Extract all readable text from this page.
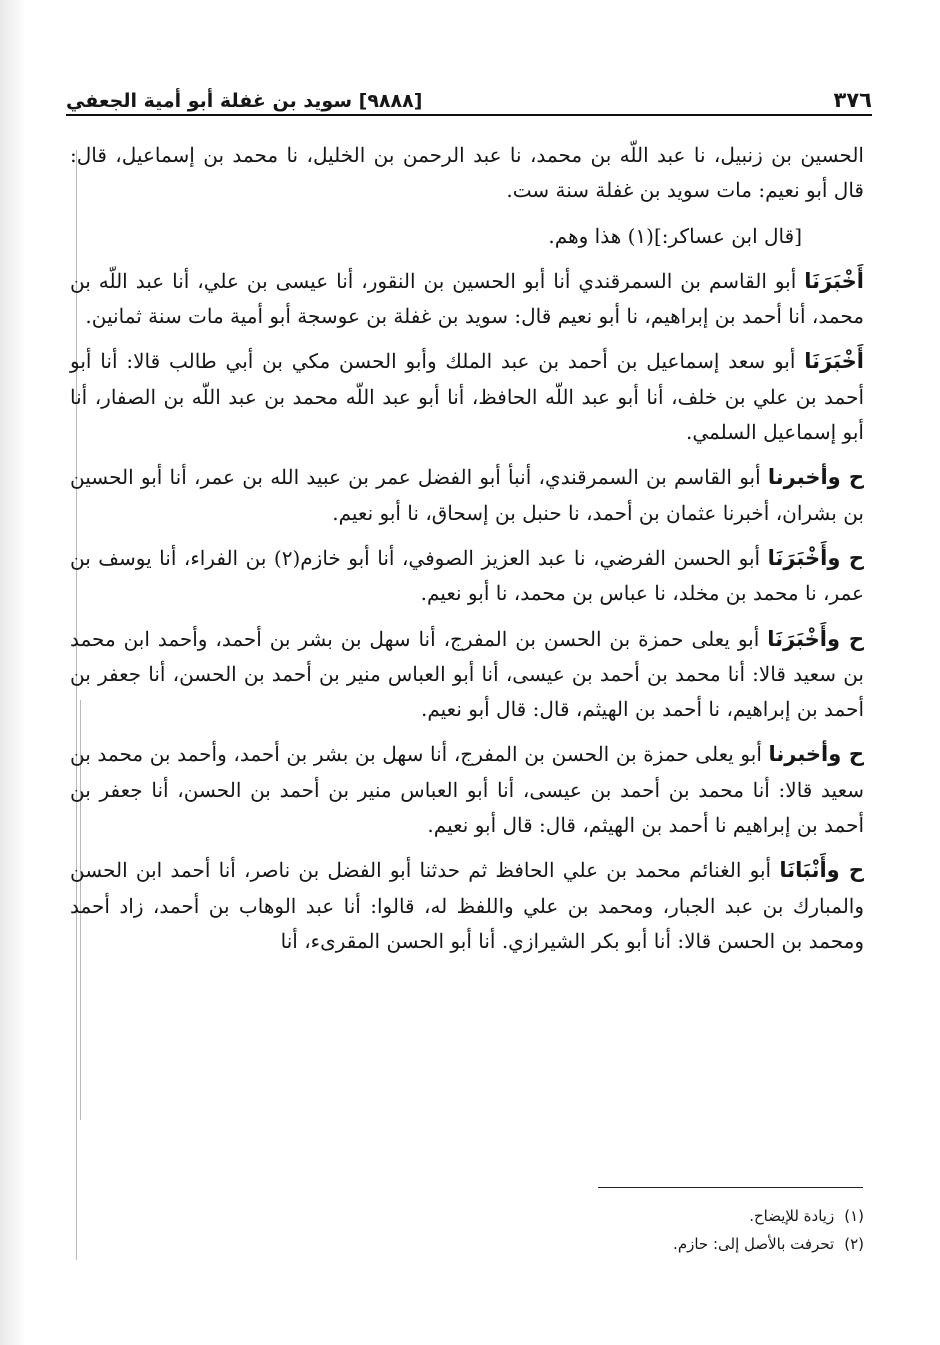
٣٧٦
[٩٨٨٨] سويد بن غفلة أبو أمية الجعفي

الحسين بن زنبيل، نا عبد اللّه بن محمد، نا عبد الرحمن بن الخليل، نا محمد بن إسماعيل، قال: قال أبو نعيم: مات سويد بن غفلة سنة ست.

[قال ابن عساكر:](١) هذا وهم.

أَخْبَرَنَا أبو القاسم بن السمرقندي أنا أبو الحسين بن النقور، أنا عيسى بن علي، أنا عبد اللّه بن محمد، أنا أحمد بن إبراهيم، نا أبو نعيم قال: سويد بن غفلة بن عوسجة أبو أمية مات سنة ثمانين.

أَخْبَرَنَا أبو سعد إسماعيل بن أحمد بن عبد الملك وأبو الحسن مكي بن أبي طالب قالا: أنا أبو أحمد بن علي بن خلف، أنا أبو عبد اللّه الحافظ، أنا أبو عبد اللّه محمد بن عبد اللّه بن الصفار، أنا أبو إسماعيل السلمي.

ح وأخبرنا أبو القاسم بن السمرقندي، أنبأ أبو الفضل عمر بن عبيد الله بن عمر، أنا أبو الحسين بن بشران، أخبرنا عثمان بن أحمد، نا حنبل بن إسحاق، نا أبو نعيم.

ح وأَخْبَرَنَا أبو الحسن الفرضي، نا عبد العزيز الصوفي، أنا أبو خازم(٢) بن الفراء، أنا يوسف بن عمر، نا محمد بن مخلد، نا عباس بن محمد، نا أبو نعيم.

ح وأَخْبَرَنَا أبو يعلى حمزة بن الحسن بن المفرج، أنا سهل بن بشر بن أحمد، وأحمد ابن محمد بن سعيد قالا: أنا محمد بن أحمد بن عيسى، أنا أبو العباس منير بن أحمد بن الحسن، أنا جعفر بن أحمد بن إبراهيم، نا أحمد بن الهيثم، قال: قال أبو نعيم.

ح وأخبرنا أبو يعلى حمزة بن الحسن بن المفرج، أنا سهل بن بشر بن أحمد، وأحمد بن محمد بن سعيد قالا: أنا محمد بن أحمد بن عيسى، أنا أبو العباس منير بن أحمد بن الحسن، أنا جعفر بن أحمد بن إبراهيم نا أحمد بن الهيثم، قال: قال أبو نعيم.

ح وأَنْبَانَا أبو الغنائم محمد بن علي الحافظ ثم حدثنا أبو الفضل بن ناصر، أنا أحمد ابن الحسن والمبارك بن عبد الجبار، ومحمد بن علي واللفظ له، قالوا: أنا عبد الوهاب بن أحمد، زاد أحمد ومحمد بن الحسن قالا: أنا أبو بكر الشيرازي. أنا أبو الحسن المقرىء، أنا

(١)
زيادة للإيضاح.
(٢)
تحرفت بالأصل إلى: حازم.
